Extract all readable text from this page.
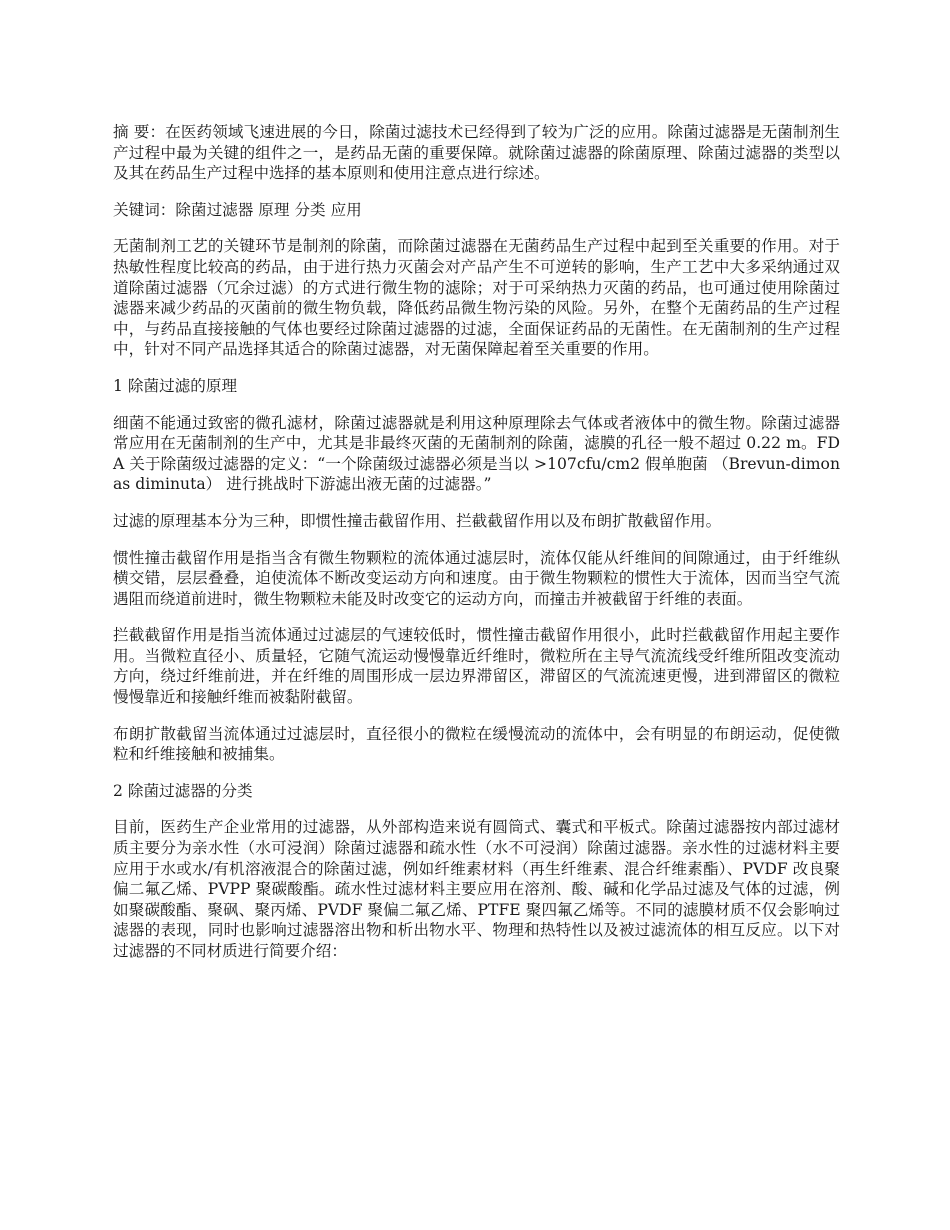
摘 要：在医药领域飞速进展的今日，除菌过滤技术已经得到了较为广泛的应用。除菌过滤器是无菌制剂生产过程中最为关键的组件之一，是药品无菌的重要保障。就除菌过滤器的除菌原理、除菌过滤器的类型以及其在药品生产过程中选择的基本原则和使用注意点进行综述。

关键词：除菌过滤器 原理 分类 应用

无菌制剂工艺的关键环节是制剂的除菌，而除菌过滤器在无菌药品生产过程中起到至关重要的作用。对于热敏性程度比较高的药品，由于进行热力灭菌会对产品产生不可逆转的影响，生产工艺中大多采纳通过双道除菌过滤器（冗余过滤）的方式进行微生物的滤除；对于可采纳热力灭菌的药品，也可通过使用除菌过滤器来减少药品的灭菌前的微生物负载，降低药品微生物污染的风险。另外，在整个无菌药品的生产过程中，与药品直接接触的气体也要经过除菌过滤器的过滤，全面保证药品的无菌性。在无菌制剂的生产过程中，针对不同产品选择其适合的除菌过滤器，对无菌保障起着至关重要的作用。

1 除菌过滤的原理

细菌不能通过致密的微孔滤材，除菌过滤器就是利用这种原理除去气体或者液体中的微生物。除菌过滤器常应用在无菌制剂的生产中，尤其是非最终灭菌的无菌制剂的除菌，滤膜的孔径一般不超过 0.22 m。FDA 关于除菌级过滤器的定义：“一个除菌级过滤器必须是当以 >107cfu/cm2 假单胞菌 （Brevun-dimonas diminuta） 进行挑战时下游滤出液无菌的过滤器。”

过滤的原理基本分为三种，即惯性撞击截留作用、拦截截留作用以及布朗扩散截留作用。

惯性撞击截留作用是指当含有微生物颗粒的流体通过滤层时，流体仅能从纤维间的间隙通过，由于纤维纵横交错，层层叠叠，迫使流体不断改变运动方向和速度。由于微生物颗粒的惯性大于流体，因而当空气流遇阻而绕道前进时，微生物颗粒未能及时改变它的运动方向，而撞击并被截留于纤维的表面。

拦截截留作用是指当流体通过过滤层的气速较低时，惯性撞击截留作用很小，此时拦截截留作用起主要作用。当微粒直径小、质量轻，它随气流运动慢慢靠近纤维时，微粒所在主导气流流线受纤维所阻改变流动方向，绕过纤维前进，并在纤维的周围形成一层边界滞留区，滞留区的气流流速更慢，进到滞留区的微粒慢慢靠近和接触纤维而被黏附截留。

布朗扩散截留当流体通过过滤层时，直径很小的微粒在缓慢流动的流体中，会有明显的布朗运动，促使微粒和纤维接触和被捕集。

2 除菌过滤器的分类

目前，医药生产企业常用的过滤器，从外部构造来说有圆筒式、囊式和平板式。除菌过滤器按内部过滤材质主要分为亲水性（水可浸润）除菌过滤器和疏水性（水不可浸润）除菌过滤器。亲水性的过滤材料主要应用于水或水/有机溶液混合的除菌过滤，例如纤维素材料（再生纤维素、混合纤维素酯）、PVDF 改良聚偏二氟乙烯、PVPP 聚碳酸酯。疏水性过滤材料主要应用在溶剂、酸、碱和化学品过滤及气体的过滤，例如聚碳酸酯、聚砜、聚丙烯、PVDF 聚偏二氟乙烯、PTFE 聚四氟乙烯等。不同的滤膜材质不仅会影响过滤器的表现，同时也影响过滤器溶出物和析出物水平、物理和热特性以及被过滤流体的相互反应。以下对过滤器的不同材质进行简要介绍：
